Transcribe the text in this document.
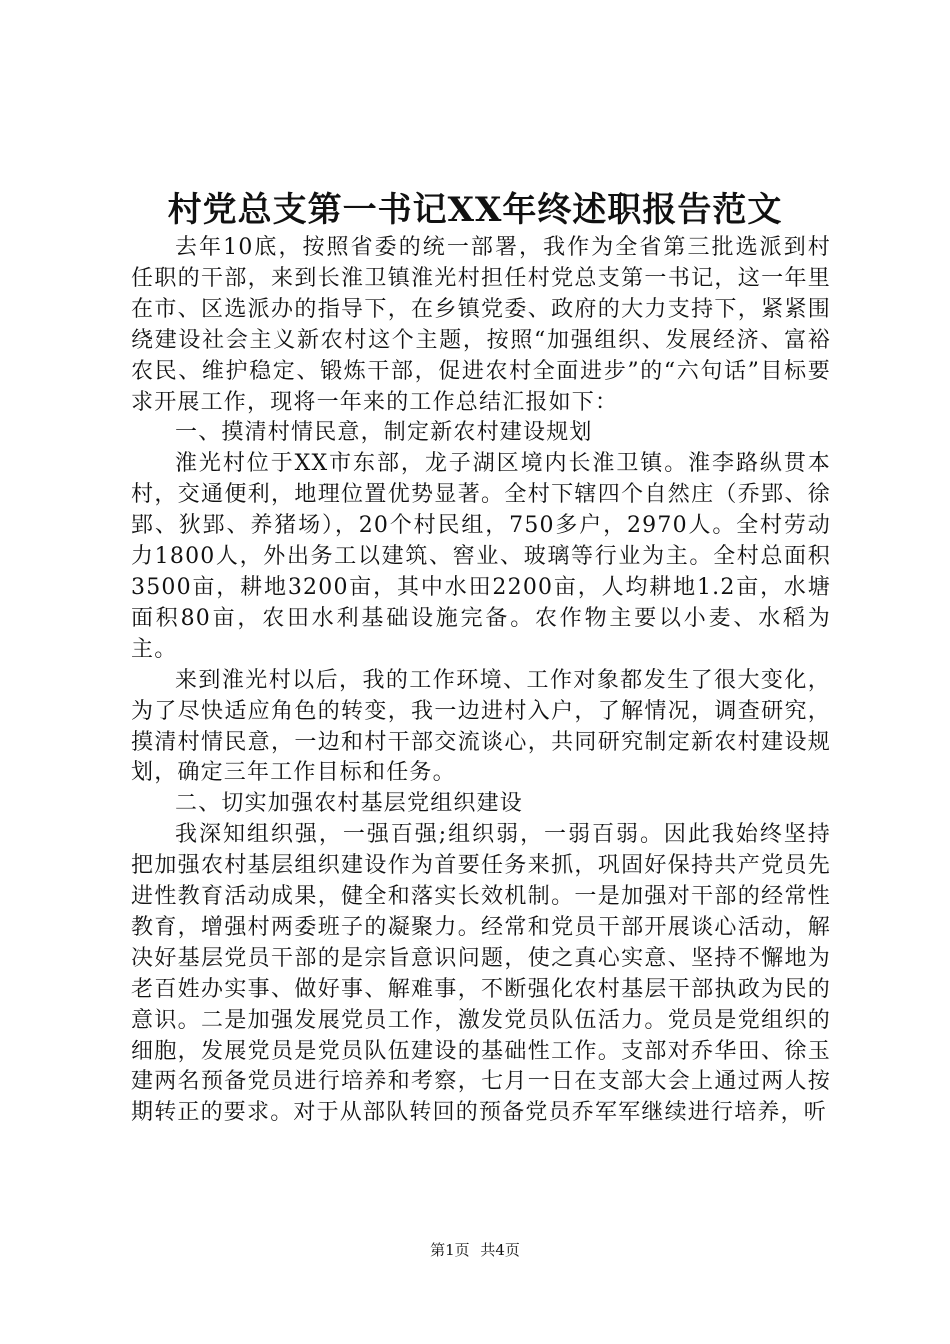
村党总支第一书记XX年终述职报告范文

去年10底，按照省委的统一部署，我作为全省第三批选派到村任职的干部，来到长淮卫镇淮光村担任村党总支第一书记，这一年里在市、区选派办的指导下，在乡镇党委、政府的大力支持下，紧紧围绕建设社会主义新农村这个主题，按照“加强组织、发展经济、富裕农民、维护稳定、锻炼干部，促进农村全面进步”的“六句话”目标要求开展工作，现将一年来的工作总结汇报如下：

一、摸清村情民意，制定新农村建设规划

淮光村位于XX市东部，龙子湖区境内长淮卫镇。淮李路纵贯本村，交通便利，地理位置优势显著。全村下辖四个自然庄（乔郢、徐郢、狄郢、养猪场），20个村民组，750多户，2970人。全村劳动力1800人，外出务工以建筑、窖业、玻璃等行业为主。全村总面积3500亩，耕地3200亩，其中水田2200亩，人均耕地1.2亩，水塘面积80亩，农田水利基础设施完备。农作物主要以小麦、水稻为主。

来到淮光村以后，我的工作环境、工作对象都发生了很大变化，为了尽快适应角色的转变，我一边进村入户，了解情况，调查研究，摸清村情民意，一边和村干部交流谈心，共同研究制定新农村建设规划，确定三年工作目标和任务。

二、切实加强农村基层党组织建设

我深知组织强，一强百强;组织弱，一弱百弱。因此我始终坚持把加强农村基层组织建设作为首要任务来抓，巩固好保持共产党员先进性教育活动成果，健全和落实长效机制。一是加强对干部的经常性教育，增强村两委班子的凝聚力。经常和党员干部开展谈心活动，解决好基层党员干部的是宗旨意识问题，使之真心实意、坚持不懈地为老百姓办实事、做好事、解难事，不断强化农村基层干部执政为民的意识。二是加强发展党员工作，激发党员队伍活力。党员是党组织的细胞，发展党员是党员队伍建设的基础性工作。支部对乔华田、徐玉建两名预备党员进行培养和考察，七月一日在支部大会上通过两人按期转正的要求。对于从部队转回的预备党员乔军军继续进行培养，听

第1页 共4页
